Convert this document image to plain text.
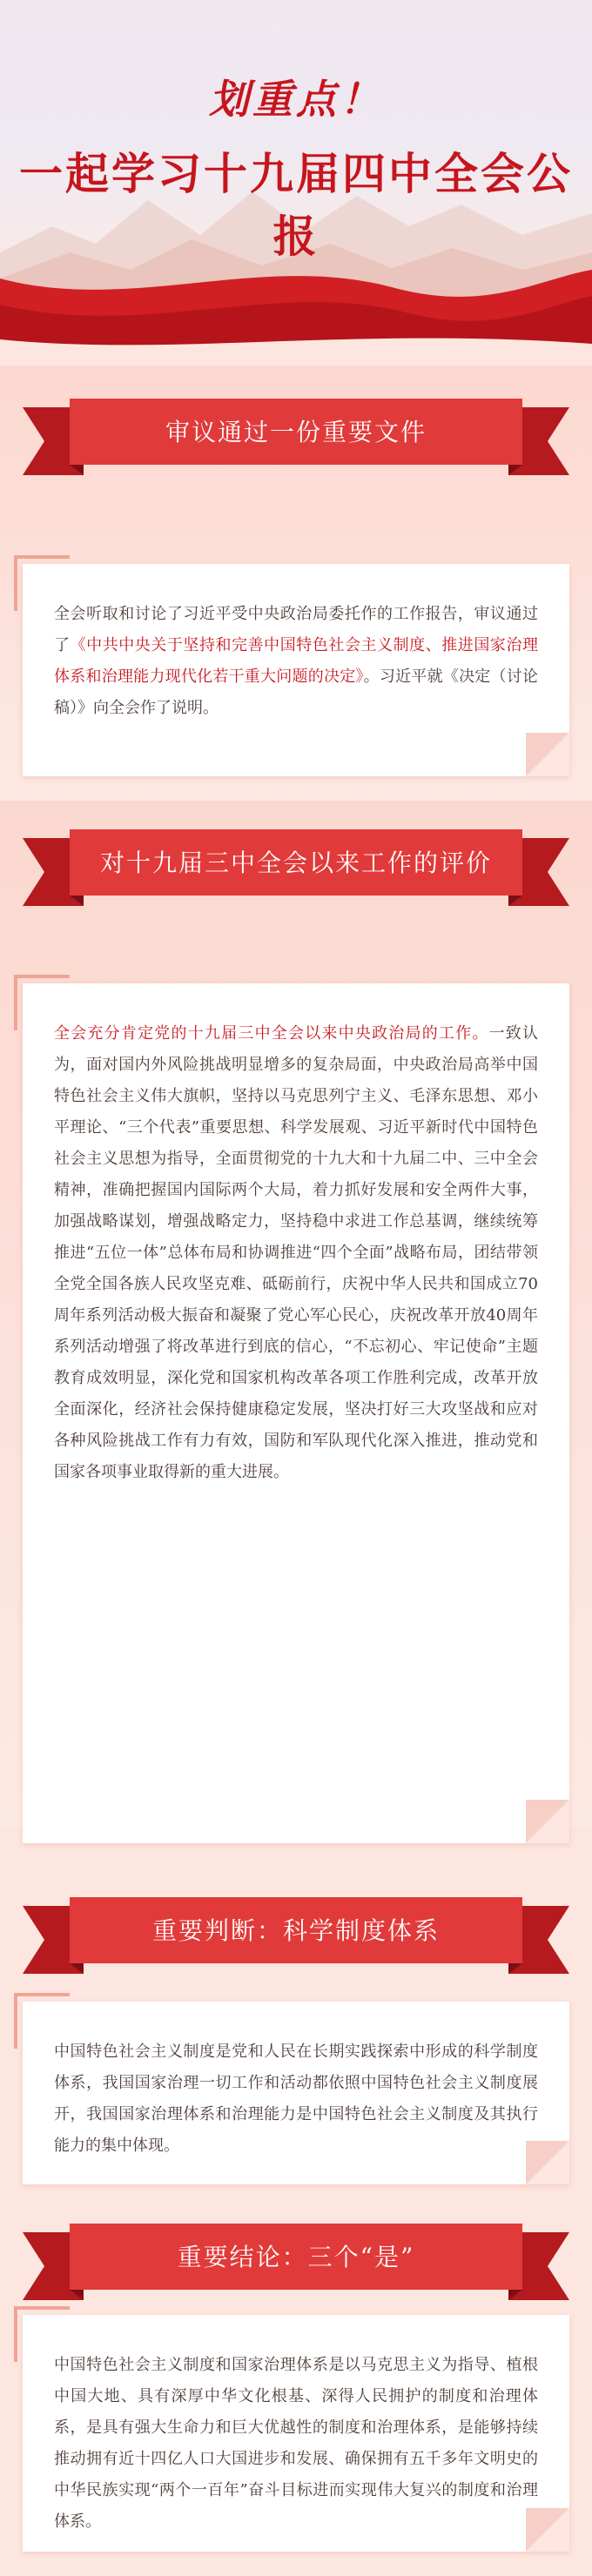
划重点！
一起学习十九届四中全会公报
审议通过一份重要文件

全会听取和讨论了习近平受中央政治局委托作的工作报告，审议通过了《中共中央关于坚持和完善中国特色社会主义制度、推进国家治理体系和治理能力现代化若干重大问题的决定》。习近平就《决定（讨论稿）》向全会作了说明。

对十九届三中全会以来工作的评价

全会充分肯定党的十九届三中全会以来中央政治局的工作。一致认为，面对国内外风险挑战明显增多的复杂局面，中央政治局高举中国特色社会主义伟大旗帜，坚持以马克思列宁主义、毛泽东思想、邓小平理论、“三个代表”重要思想、科学发展观、习近平新时代中国特色社会主义思想为指导，全面贯彻党的十九大和十九届二中、三中全会精神，准确把握国内国际两个大局，着力抓好发展和安全两件大事，加强战略谋划，增强战略定力，坚持稳中求进工作总基调，继续统筹推进“五位一体”总体布局和协调推进“四个全面”战略布局，团结带领全党全国各族人民攻坚克难、砥砺前行，庆祝中华人民共和国成立70周年系列活动极大振奋和凝聚了党心军心民心，庆祝改革开放40周年系列活动增强了将改革进行到底的信心，“不忘初心、牢记使命”主题教育成效明显，深化党和国家机构改革各项工作胜利完成，改革开放全面深化，经济社会保持健康稳定发展，坚决打好三大攻坚战和应对各种风险挑战工作有力有效，国防和军队现代化深入推进，推动党和国家各项事业取得新的重大进展。

重要判断：科学制度体系

中国特色社会主义制度是党和人民在长期实践探索中形成的科学制度体系，我国国家治理一切工作和活动都依照中国特色社会主义制度展开，我国国家治理体系和治理能力是中国特色社会主义制度及其执行能力的集中体现。

重要结论：三个“是”

中国特色社会主义制度和国家治理体系是以马克思主义为指导、植根中国大地、具有深厚中华文化根基、深得人民拥护的制度和治理体系，是具有强大生命力和巨大优越性的制度和治理体系，是能够持续推动拥有近十四亿人口大国进步和发展、确保拥有五千多年文明史的中华民族实现“两个一百年”奋斗目标进而实现伟大复兴的制度和治理体系。
